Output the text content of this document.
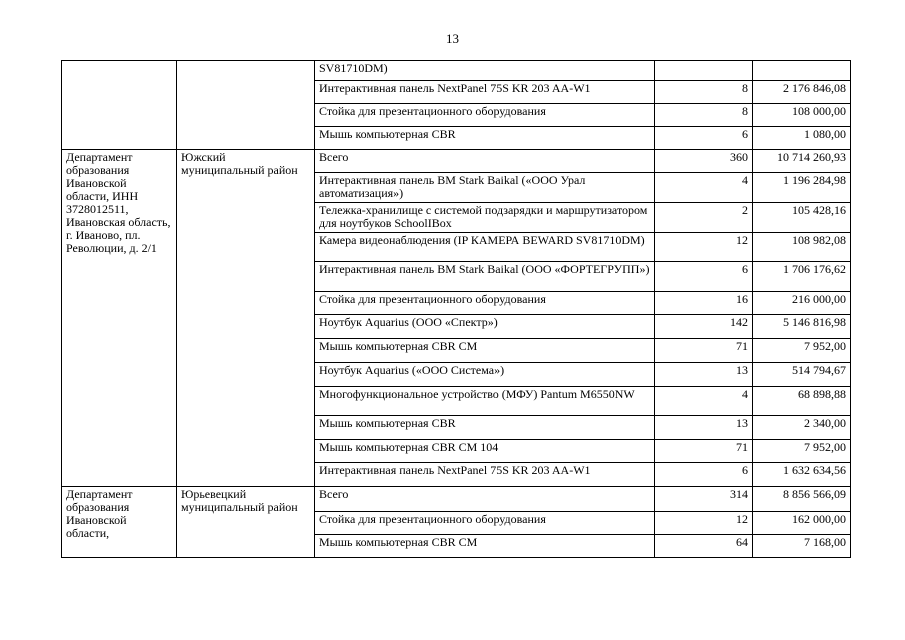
13
		SV81710DM)		
		Интерактивная панель NextPanel 75S KR 203 AA-W1	8	2 176 846,08
		Стойка для презентационного оборудования	8	108 000,00
		Мышь компьютерная CBR	6	1 080,00
Департамент образования Ивановской области, ИНН 3728012511, Ивановская область, г. Иваново, пл. Революции, д. 2/1	Южский муниципальный район	Всего	360	10 714 260,93
		Интерактивная панель BM Stark Baikal («ООО Урал автоматизация»)	4	1 196 284,98
		Тележка-хранилище с системой подзарядки и маршрутизатором для ноутбуков SchoolIBox	2	105 428,16
		Камера видеонаблюдения (IP КАМЕРА BEWARD SV81710DM)	12	108 982,08
		Интерактивная панель BM Stark Baikal (ООО «ФОРТЕГРУПП»)	6	1 706 176,62
		Стойка для презентационного оборудования	16	216 000,00
		Ноутбук Aquarius (ООО «Спектр»)	142	5 146 816,98
		Мышь компьютерная CBR CM	71	7 952,00
		Ноутбук Aquarius («ООО Система»)	13	514 794,67
		Многофункциональное устройство (МФУ) Pantum M6550NW	4	68 898,88
		Мышь компьютерная CBR	13	2 340,00
		Мышь компьютерная CBR CM 104	71	7 952,00
		Интерактивная панель NextPanel 75S KR 203 AA-W1	6	1 632 634,56
Департамент образования Ивановской области,	Юрьевецкий муниципальный район	Всего	314	8 856 566,09
		Стойка для презентационного оборудования	12	162 000,00
		Мышь компьютерная CBR CM	64	7 168,00
